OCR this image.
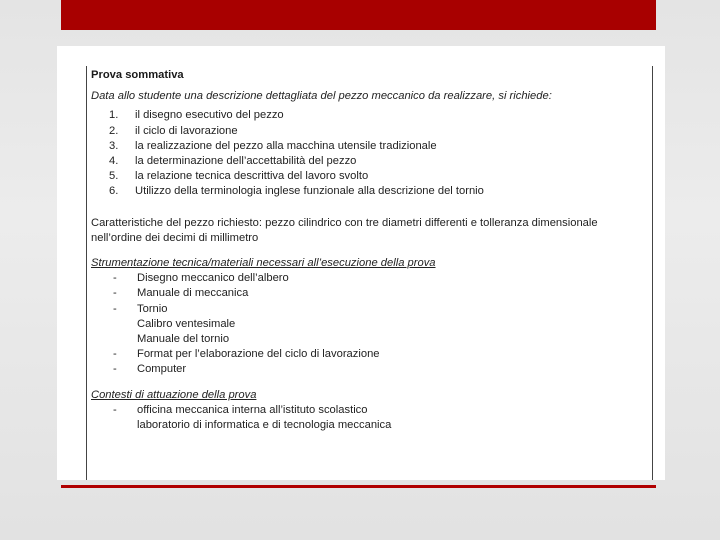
Prova sommativa
Data allo studente una descrizione dettagliata del pezzo meccanico da realizzare, si richiede:
1.	il disegno esecutivo del pezzo
2.	il ciclo di lavorazione
3.	la realizzazione del pezzo alla macchina utensile tradizionale
4.	la determinazione dell’accettabilità del pezzo
5.	la relazione tecnica descrittiva del lavoro svolto
6.	Utilizzo della terminologia inglese funzionale alla descrizione del tornio
Caratteristiche del pezzo richiesto: pezzo cilindrico con tre diametri differenti e tolleranza dimensionale nell’ordine dei decimi di millimetro
Strumentazione tecnica/materiali necessari all’esecuzione della prova
-	Disegno meccanico dell’albero
-	Manuale di meccanica
-	Tornio
Calibro ventesimale
Manuale del tornio
-	Format per l’elaborazione del ciclo di lavorazione
-	Computer
Contesti di attuazione della prova
-	officina meccanica interna all’istituto scolastico
laboratorio di informatica e di tecnologia meccanica
